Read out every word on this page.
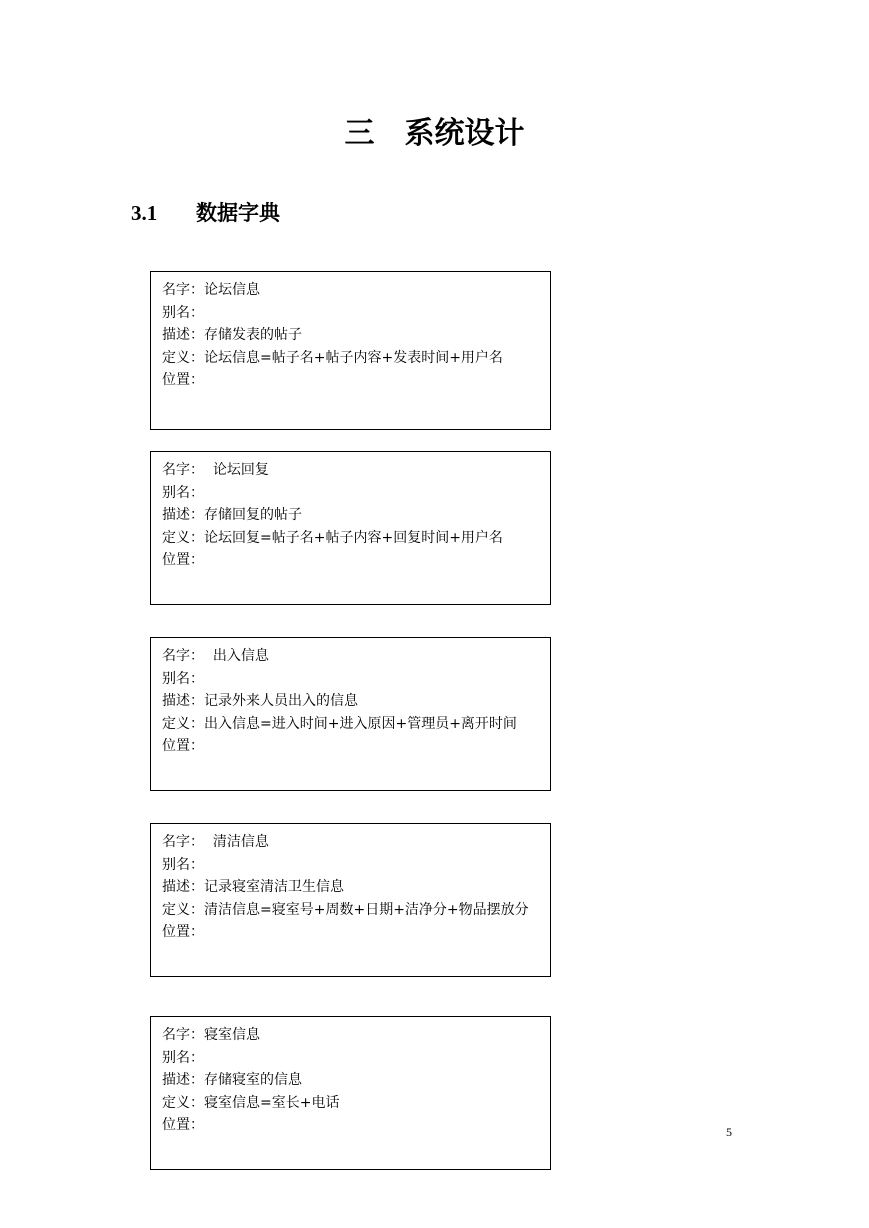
三　系统设计
3.1 数据字典
名字：论坛信息
别名：
描述：存储发表的帖子
定义：论坛信息=帖子名+帖子内容+发表时间+用户名
位置：
名字：  论坛回复
别名：
描述：存储回复的帖子
定义：论坛回复=帖子名+帖子内容+回复时间+用户名
位置：
名字：  出入信息
别名：
描述：记录外来人员出入的信息
定义：出入信息=进入时间+进入原因+管理员+离开时间
位置：
名字：  清洁信息
别名：
描述：记录寝室清洁卫生信息
定义：清洁信息=寝室号+周数+日期+洁净分+物品摆放分
位置：
名字：寝室信息
别名：
描述：存储寝室的信息
定义：寝室信息=室长+电话
位置：	5
